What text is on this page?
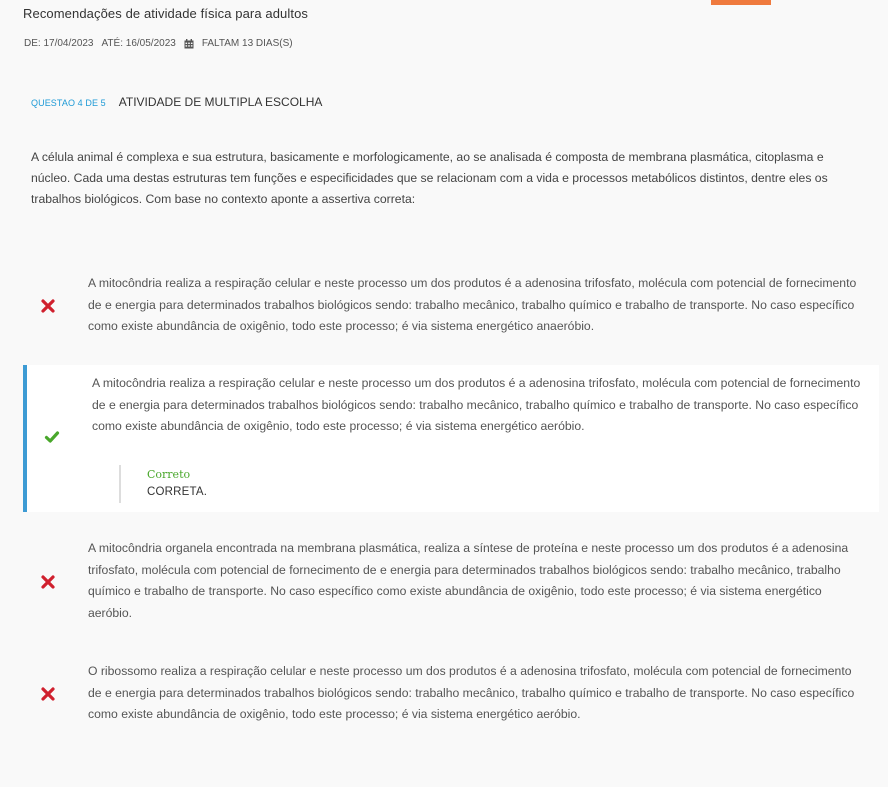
Recomendações de atividade física para adultos
DE: 17/04/2023 ATÉ: 16/05/2023	FALTAM 13 DIAS(S)
QUESTAO 4 DE 5 ATIVIDADE DE MULTIPLA ESCOLHA
A célula animal é complexa e sua estrutura, basicamente e morfologicamente, ao se analisada é composta de membrana plasmática, citoplasma e núcleo. Cada uma destas estruturas tem funções e especificidades que se relacionam com a vida e processos metabólicos distintos, dentre eles os trabalhos biológicos. Com base no contexto aponte a assertiva correta:
A mitocôndria realiza a respiração celular e neste processo um dos produtos é a adenosina trifosfato, molécula com potencial de fornecimento de e energia para determinados trabalhos biológicos sendo: trabalho mecânico, trabalho químico e trabalho de transporte. No caso específico como existe abundância de oxigênio, todo este processo; é via sistema energético anaeróbio.
A mitocôndria realiza a respiração celular e neste processo um dos produtos é a adenosina trifosfato, molécula com potencial de fornecimento de e energia para determinados trabalhos biológicos sendo: trabalho mecânico, trabalho químico e trabalho de transporte. No caso específico como existe abundância de oxigênio, todo este processo; é via sistema energético aeróbio.
Correto
CORRETA.
A mitocôndria organela encontrada na membrana plasmática, realiza a síntese de proteína e neste processo um dos produtos é a adenosina trifosfato, molécula com potencial de fornecimento de e energia para determinados trabalhos biológicos sendo: trabalho mecânico, trabalho químico e trabalho de transporte. No caso específico como existe abundância de oxigênio, todo este processo; é via sistema energético aeróbio.
O ribossomo realiza a respiração celular e neste processo um dos produtos é a adenosina trifosfato, molécula com potencial de fornecimento de e energia para determinados trabalhos biológicos sendo: trabalho mecânico, trabalho químico e trabalho de transporte. No caso específico como existe abundância de oxigênio, todo este processo; é via sistema energético aeróbio.
